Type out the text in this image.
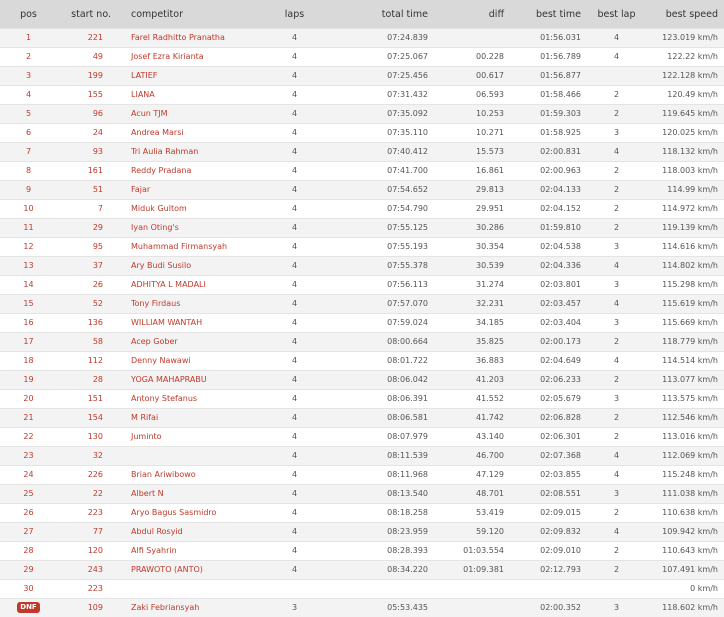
pos	start no.	competitor	laps	total time	diff	best time	best lap	best speed
1	221	Farel Radhitto Pranatha	4	07:24.839		01:56.031	4	123.019 km/h
2	49	Josef Ezra Kirianta	4	07:25.067	00.228	01:56.789	4	122.22 km/h
3	199	LATIEF	4	07:25.456	00.617	01:56.877		122.128 km/h
4	155	LIANA	4	07:31.432	06.593	01:58.466	2	120.49 km/h
5	96	Acun TJM	4	07:35.092	10.253	01:59.303	2	119.645 km/h
6	24	Andrea Marsi	4	07:35.110	10.271	01:58.925	3	120.025 km/h
7	93	Tri Aulia Rahman	4	07:40.412	15.573	02:00.831	4	118.132 km/h
8	161	Reddy Pradana	4	07:41.700	16.861	02:00.963	2	118.003 km/h
9	51	Fajar	4	07:54.652	29.813	02:04.133	2	114.99 km/h
10	7	Miduk Gultom	4	07:54.790	29.951	02:04.152	2	114.972 km/h
11	29	Iyan Oting's	4	07:55.125	30.286	01:59.810	2	119.139 km/h
12	95	Muhammad Firmansyah	4	07:55.193	30.354	02:04.538	3	114.616 km/h
13	37	Ary Budi Susilo	4	07:55.378	30.539	02:04.336	4	114.802 km/h
14	26	ADHITYA L MADALI	4	07:56.113	31.274	02:03.801	3	115.298 km/h
15	52	Tony Firdaus	4	07:57.070	32.231	02:03.457	4	115.619 km/h
16	136	WILLIAM WANTAH	4	07:59.024	34.185	02:03.404	3	115.669 km/h
17	58	Acep Gober	4	08:00.664	35.825	02:00.173	2	118.779 km/h
18	112	Denny Nawawi	4	08:01.722	36.883	02:04.649	4	114.514 km/h
19	28	YOGA MAHAPRABU	4	08:06.042	41.203	02:06.233	2	113.077 km/h
20	151	Antony Stefanus	4	08:06.391	41.552	02:05.679	3	113.575 km/h
21	154	M Rifai	4	08:06.581	41.742	02:06.828	2	112.546 km/h
22	130	Juminto	4	08:07.979	43.140	02:06.301	2	113.016 km/h
23	32		4	08:11.539	46.700	02:07.368	4	112.069 km/h
24	226	Brian Ariwibowo	4	08:11.968	47.129	02:03.855	4	115.248 km/h
25	22	Albert N	4	08:13.540	48.701	02:08.551	3	111.038 km/h
26	223	Aryo Bagus Sasmidro	4	08:18.258	53.419	02:09.015	2	110.638 km/h
27	77	Abdul Rosyid	4	08:23.959	59.120	02:09.832	4	109.942 km/h
28	120	Alfi Syahrin	4	08:28.393	01:03.554	02:09.010	2	110.643 km/h
29	243	PRAWOTO (ANTO)	4	08:34.220	01:09.381	02:12.793	2	107.491 km/h
30	223							0 km/h
DNF	109	Zaki Febriansyah	3	05:53.435		02:00.352	3	118.602 km/h
